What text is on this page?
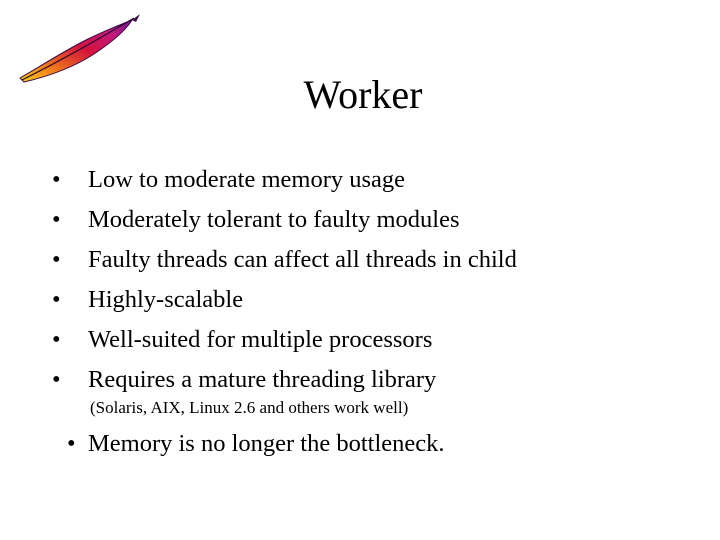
Worker
• Low to moderate memory usage
• Moderately tolerant to faulty modules
• Faulty threads can affect all threads in child
• Highly-scalable
• Well-suited for multiple processors
• Requires a mature threading library
(Solaris, AIX, Linux 2.6 and others work well)
• Memory is no longer the bottleneck.
